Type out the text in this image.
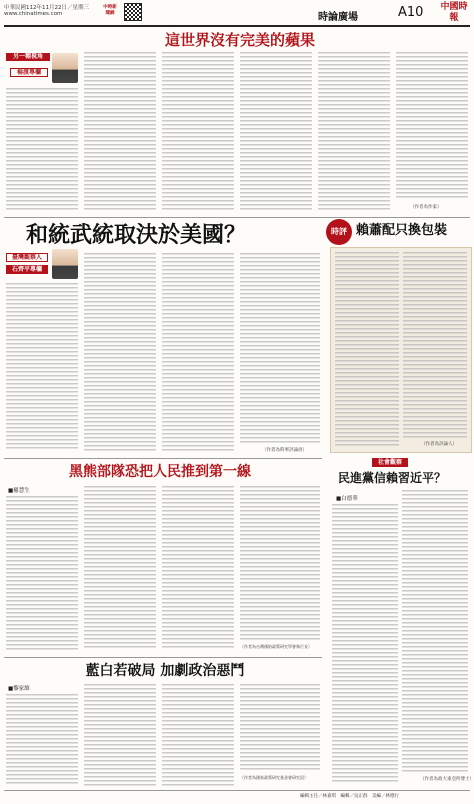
中華民國112年11月22日／星期三
www.chinatimes.com
中時新聞網	時論廣場	A10 中國時報
這世界沒有完美的蘋果
另一種視角
楊渡專欄
（作者為作家）
和統武統取決於美國？
臺灣觀察人
石齊平專欄
（作者為時事評論員）
時評 賴蕭配只換包裝
（作者為評論人）
黑熊部隊恐把人民推到第一線
■羅慧生
（作者為台灣國防政策研究學會執行長）
社會觀察
民進黨信賴習近平？
■白德華
（作者為政大東亞所博士）
藍白若破局 加劇政治惡鬥
■黎家維
（作者為國家政策研究基金會研究員）
編輯主任／林嘉琪　編輯／吳正群　美編／林德行
